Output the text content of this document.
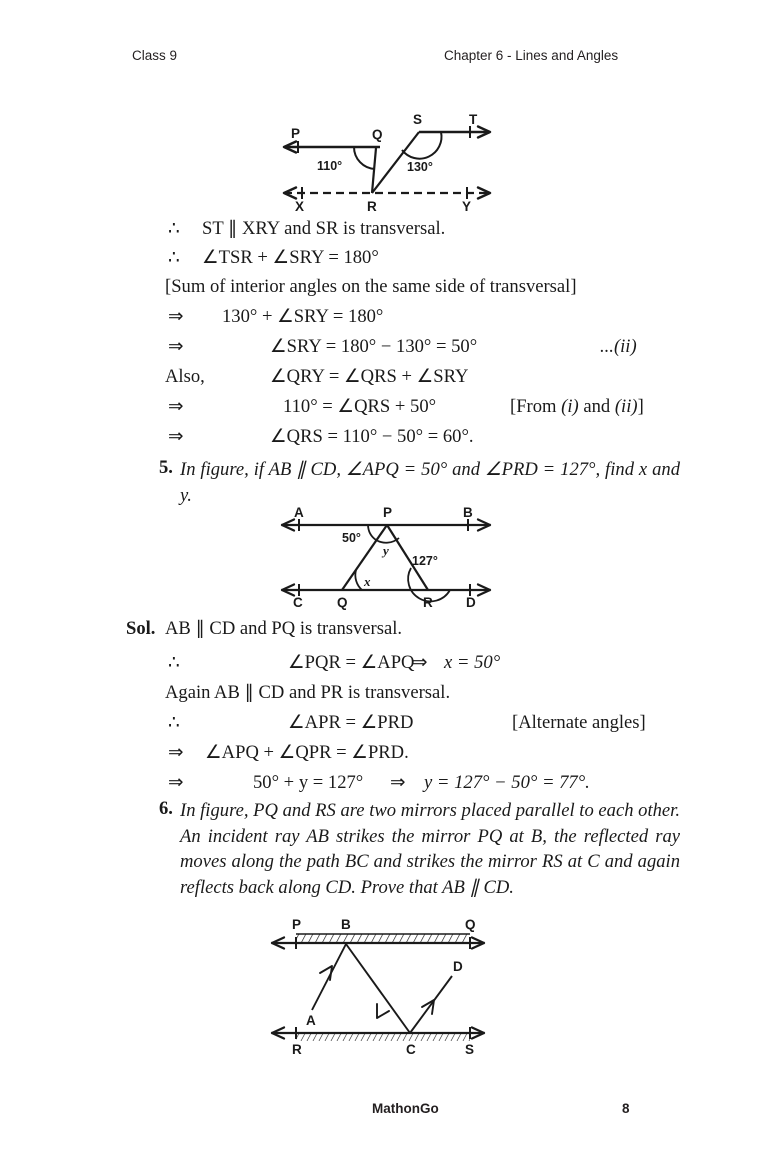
Class 9	Chapter 6 - Lines and Angles
P	Q
S	T
X	R	Y
110°	130°
∴ ST ∥ XRY and SR is transversal.
∴ ∠TSR + ∠SRY = 180°
[Sum of interior angles on the same side of transversal]
⇒ 130° + ∠SRY = 180°
⇒	∠SRY = 180° − 130° = 50°	...(ii)
Also,	∠QRY = ∠QRS + ∠SRY
⇒	110° = ∠QRS + 50°	[From (i) and (ii)]
⇒	∠QRS = 110° − 50° = 60°.
5. In figure, if AB ∥ CD, ∠APQ = 50° and ∠PRD = 127°, find x and y.
A	P	B
C	Q	R D
50°
y
x
127°
Sol. AB ∥ CD and PQ is transversal.
∴	∠PQR = ∠APQ
⇒ x = 50°
Again AB ∥ CD and PR is transversal.
∴	∠APR = ∠PRD	[Alternate angles]
⇒ ∠APQ + ∠QPR = ∠PRD.
⇒	50° + y = 127° ⇒ y = 127° − 50° = 77°.
6. In figure, PQ and RS are two mirrors placed parallel to each other. An incident ray AB strikes the mirror PQ at B, the reflected ray moves along the path BC and strikes the mirror RS at C and again reflects back along CD. Prove that AB ∥ CD.
P	B	Q
A
D
R	C	S
MathonGo	8
